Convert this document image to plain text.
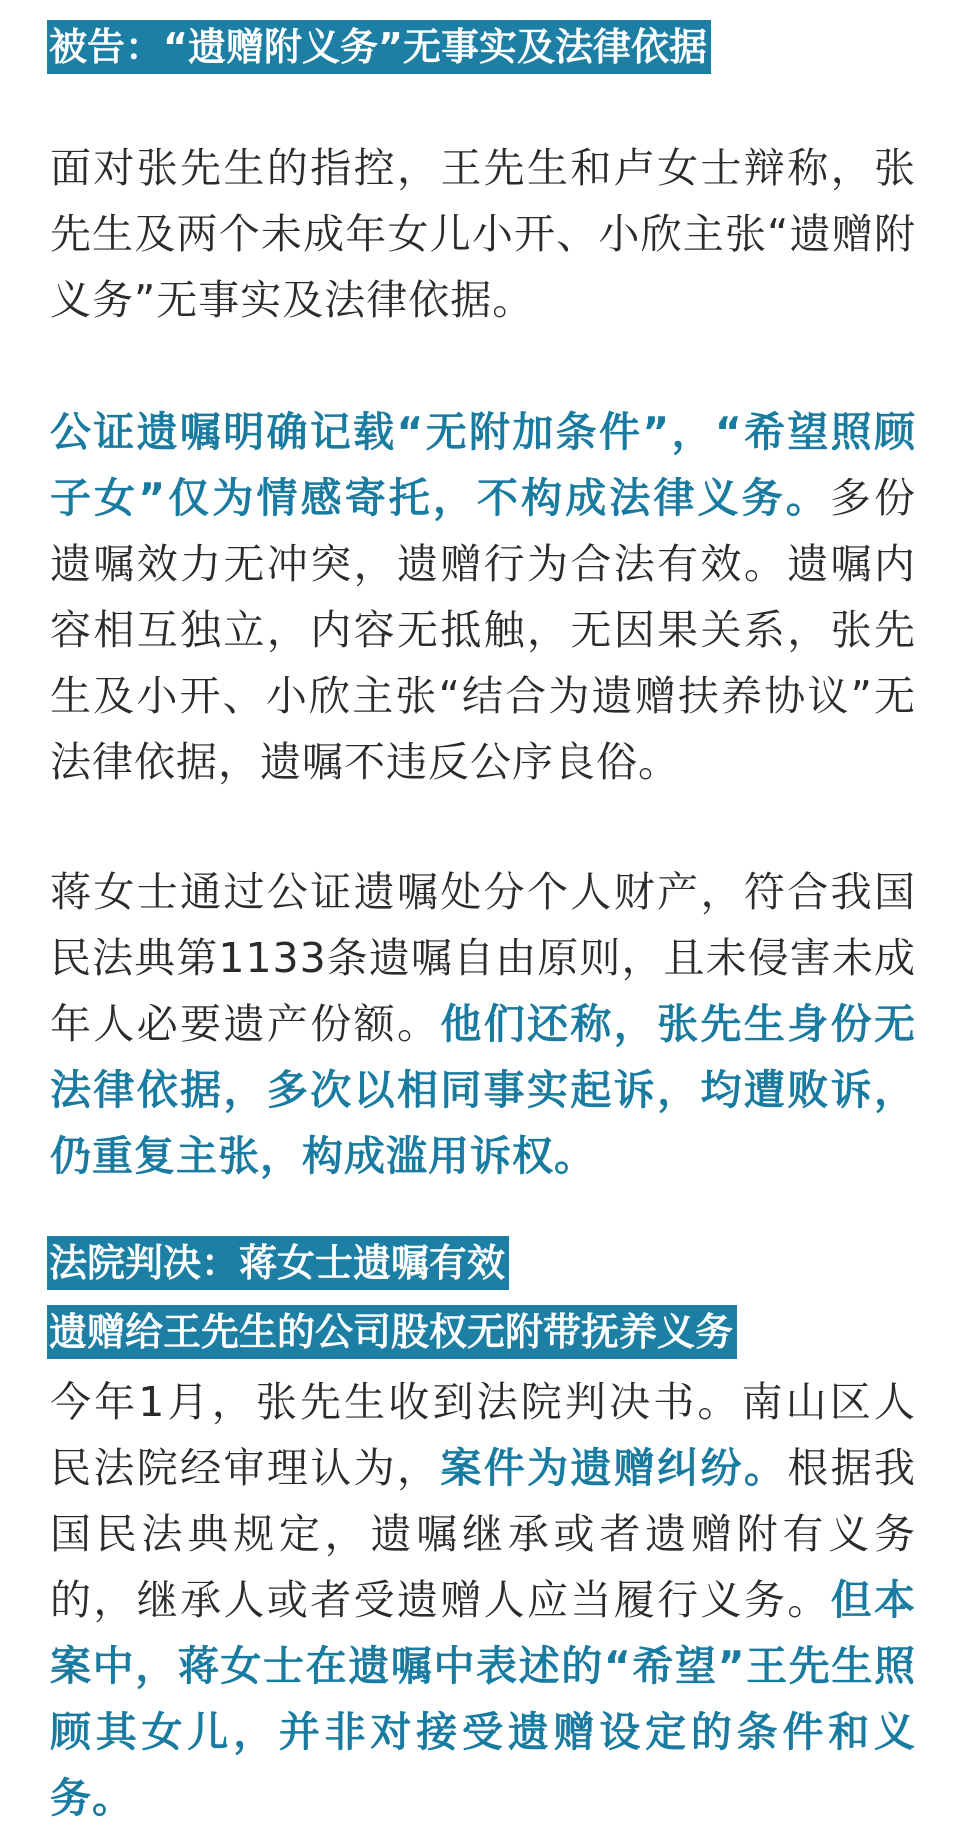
被告：“遗赠附义务”无事实及法律依据

面对张先生的指控，王先生和卢女士辩称，张先生及两个未成年女儿小开、小欣主张“遗赠附义务”无事实及法律依据。

公证遗嘱明确记载“无附加条件”，“希望照顾子女”仅为情感寄托，不构成法律义务。多份遗嘱效力无冲突，遗赠行为合法有效。遗嘱内容相互独立，内容无抵触，无因果关系，张先生及小开、小欣主张“结合为遗赠扶养协议”无法律依据，遗嘱不违反公序良俗。

蒋女士通过公证遗嘱处分个人财产，符合我国民法典第1133条遗嘱自由原则，且未侵害未成年人必要遗产份额。他们还称，张先生身份无法律依据，多次以相同事实起诉，均遭败诉，仍重复主张，构成滥用诉权。

法院判决：蒋女士遗嘱有效
遗赠给王先生的公司股权无附带抚养义务

今年1月，张先生收到法院判决书。南山区人民法院经审理认为，案件为遗赠纠纷。根据我国民法典规定，遗嘱继承或者遗赠附有义务的，继承人或者受遗赠人应当履行义务。但本案中，蒋女士在遗嘱中表述的“希望”王先生照顾其女儿，并非对接受遗赠设定的条件和义务。
